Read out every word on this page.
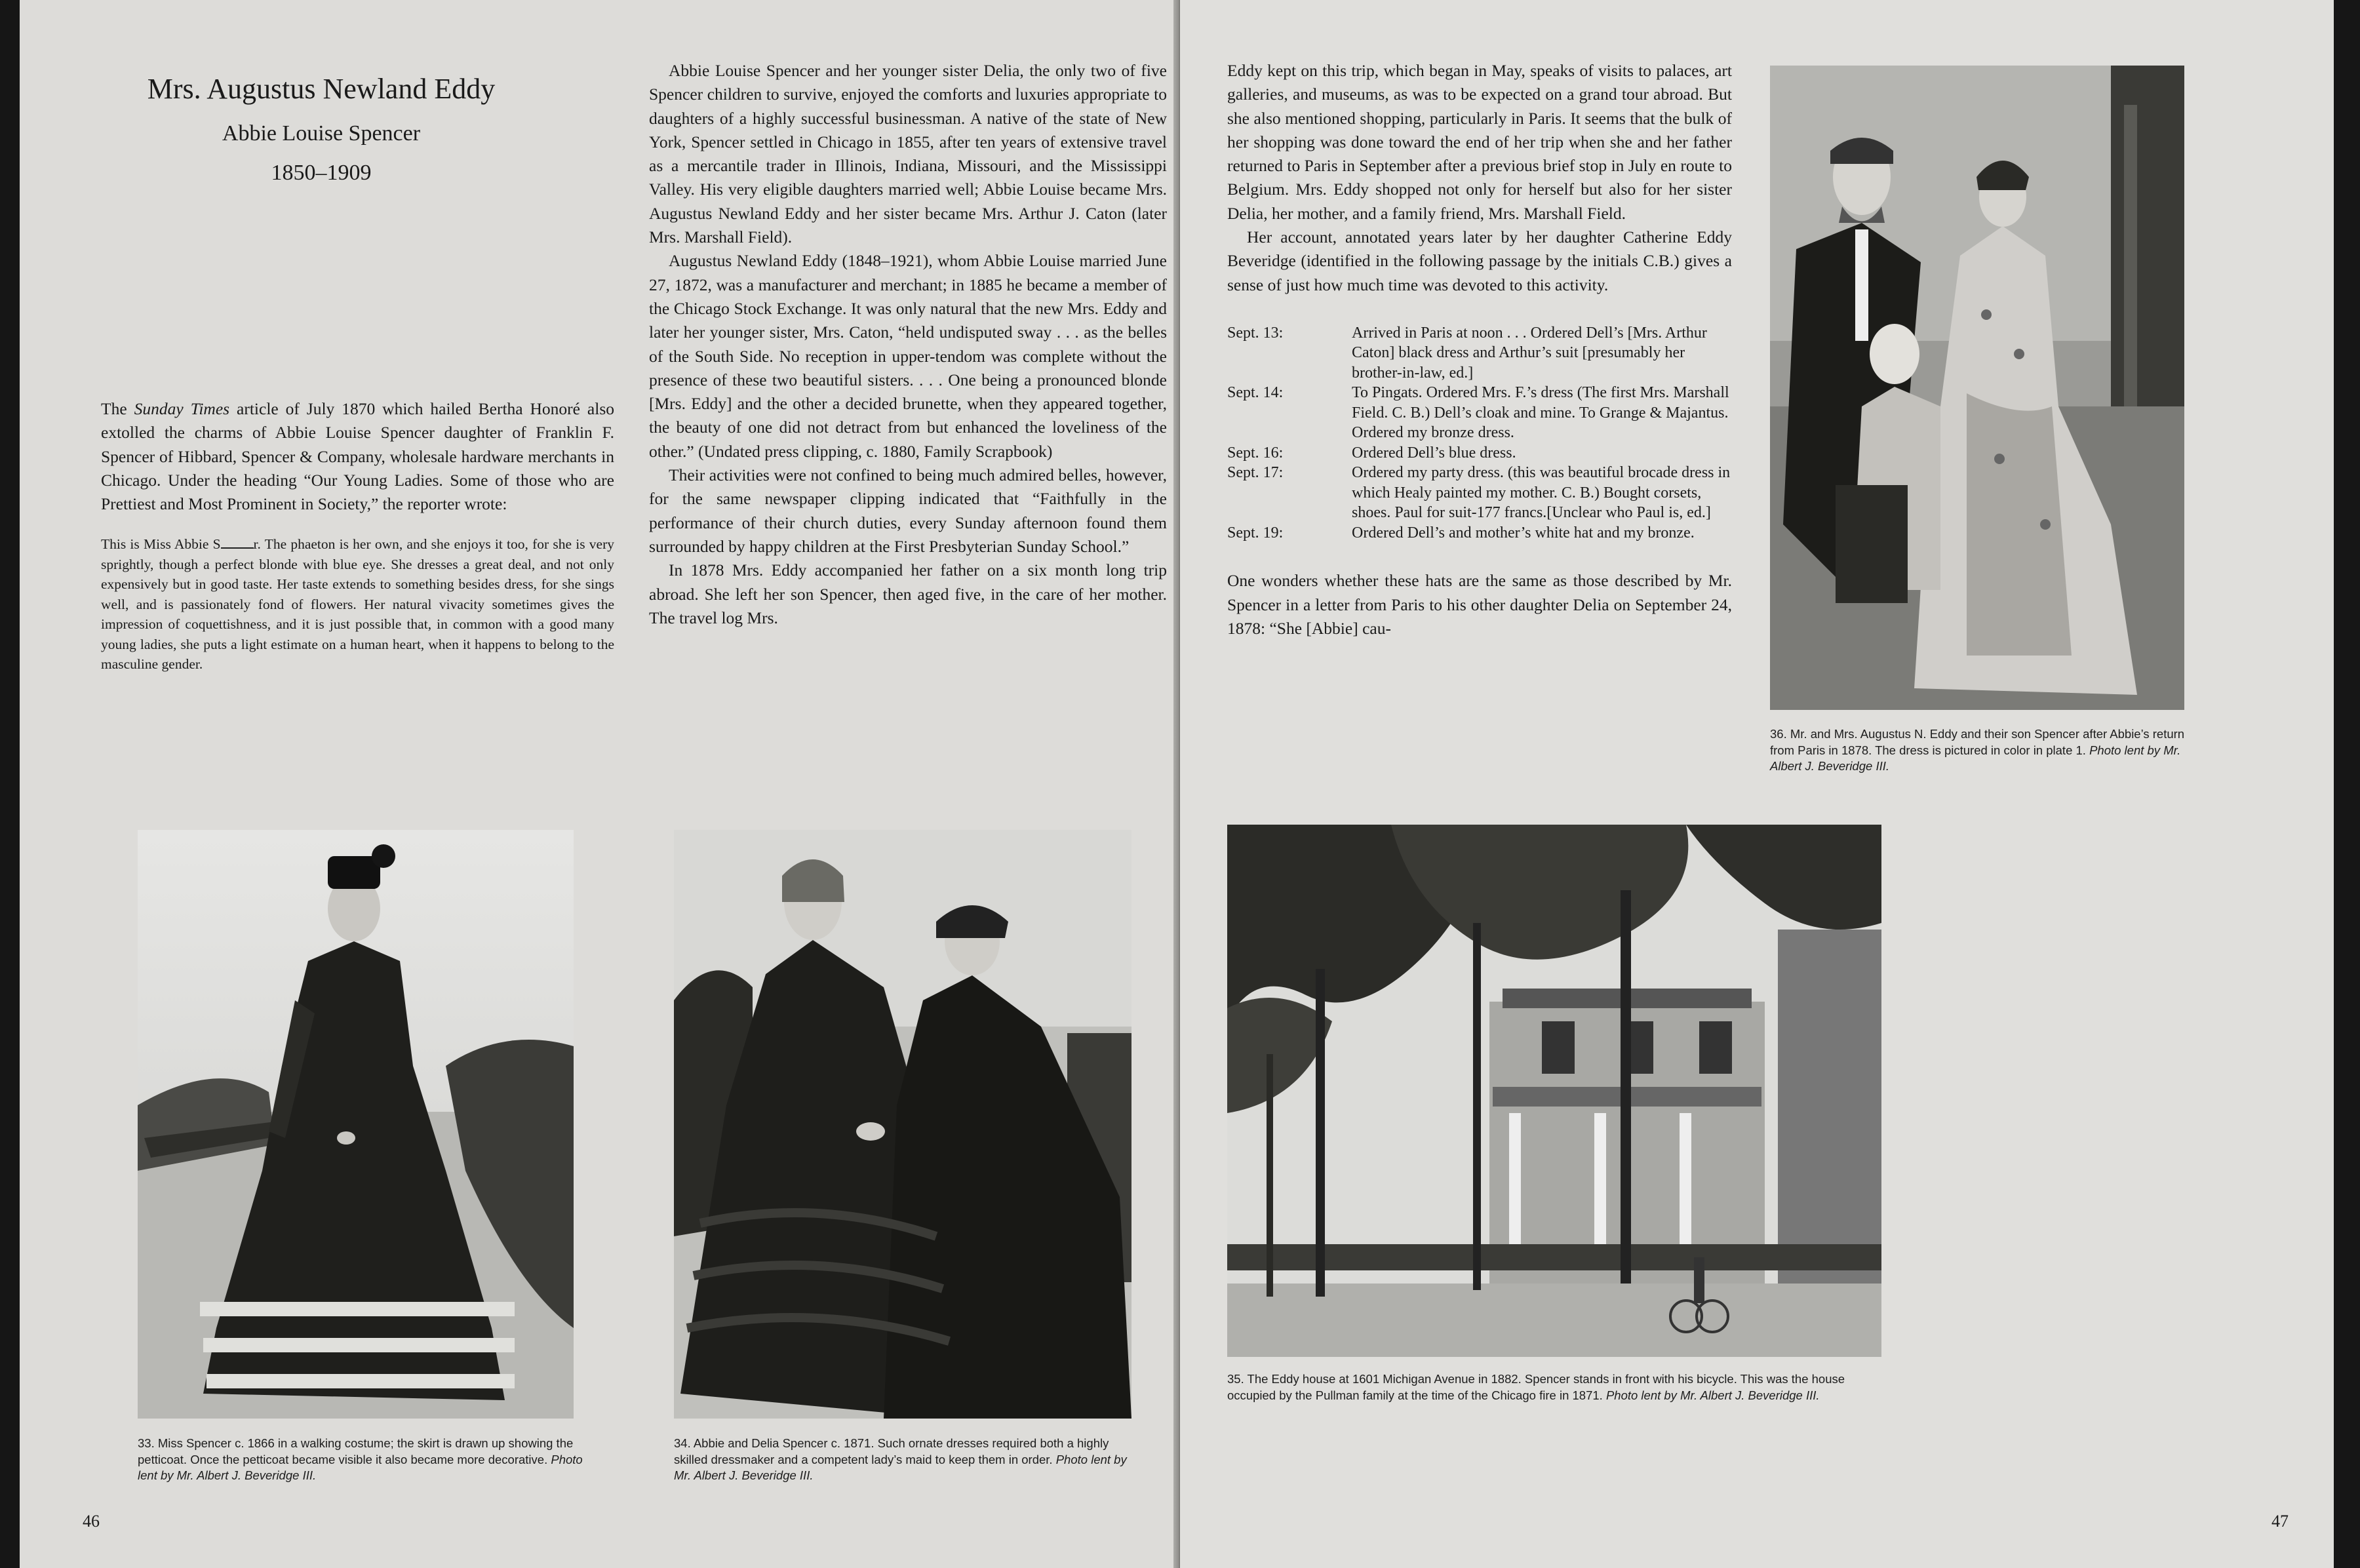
Mrs. Augustus Newland Eddy
Abbie Louise Spencer
1850–1909

The Sunday Times article of July 1870 which hailed Bertha Honoré also extolled the charms of Abbie Louise Spencer daughter of Franklin F. Spencer of Hibbard, Spencer & Company, wholesale hardware merchants in Chicago. Under the heading “Our Young Ladies. Some of those who are Prettiest and Most Prominent in Society,” the reporter wrote:

This is Miss Abbie S r. The phaeton is her own, and she enjoys it too, for she is very sprightly, though a perfect blonde with blue eye. She dresses a great deal, and not only expensively but in good taste. Her taste extends to something besides dress, for she sings well, and is passionately fond of flowers. Her natural vivacity sometimes gives the impression of coquettishness, and it is just possible that, in common with a good many young ladies, she puts a light estimate on a human heart, when it happens to belong to the masculine gender.

Abbie Louise Spencer and her younger sister Delia, the only two of five Spencer children to survive, enjoyed the comforts and luxuries appropriate to daughters of a highly successful businessman. A native of the state of New York, Spencer settled in Chicago in 1855, after ten years of extensive travel as a mercantile trader in Illinois, Indiana, Missouri, and the Mississippi Valley. His very eligible daughters married well; Abbie Louise became Mrs. Augustus Newland Eddy and her sister became Mrs. Arthur J. Caton (later Mrs. Marshall Field).

Augustus Newland Eddy (1848–1921), whom Abbie Louise married June 27, 1872, was a manufacturer and merchant; in 1885 he became a member of the Chicago Stock Exchange. It was only natural that the new Mrs. Eddy and later her younger sister, Mrs. Caton, “held undisputed sway . . . as the belles of the South Side. No reception in upper-tendom was complete without the presence of these two beautiful sisters. . . . One being a pronounced blonde [Mrs. Eddy] and the other a decided brunette, when they appeared together, the beauty of one did not detract from but enhanced the loveliness of the other.” (Undated press clipping, c. 1880, Family Scrapbook)

Their activities were not confined to being much admired belles, however, for the same newspaper clipping indicated that “Faithfully in the performance of their church duties, every Sunday afternoon found them surrounded by happy children at the First Presbyterian Sunday School.”

In 1878 Mrs. Eddy accompanied her father on a six month long trip abroad. She left her son Spencer, then aged five, in the care of her mother. The travel log Mrs.

33. Miss Spencer c. 1866 in a walking costume; the skirt is drawn up showing the petticoat. Once the petticoat became visible it also became more decorative. Photo lent by Mr. Albert J. Beveridge III.
34. Abbie and Delia Spencer c. 1871. Such ornate dresses required both a highly skilled dressmaker and a competent lady’s maid to keep them in order. Photo lent by Mr. Albert J. Beveridge III.
46

Eddy kept on this trip, which began in May, speaks of visits to palaces, art galleries, and museums, as was to be expected on a grand tour abroad. But she also mentioned shopping, particularly in Paris. It seems that the bulk of her shopping was done toward the end of her trip when she and her father returned to Paris in September after a previous brief stop in July en route to Belgium. Mrs. Eddy shopped not only for herself but also for her sister Delia, her mother, and a family friend, Mrs. Marshall Field.

Her account, annotated years later by her daughter Catherine Eddy Beveridge (identified in the following passage by the initials C.B.) gives a sense of just how much time was devoted to this activity.

Sept. 13:	Arrived in Paris at noon . . . Ordered Dell’s [Mrs. Arthur Caton] black dress and Arthur’s suit [presumably her brother-in-law, ed.]
Sept. 14:	To Pingats. Ordered Mrs. F.’s dress (The first Mrs. Marshall Field. C. B.) Dell’s cloak and mine. To Grange & Majantus. Ordered my bronze dress.
Sept. 16:	Ordered Dell’s blue dress.
Sept. 17:	Ordered my party dress. (this was beautiful brocade dress in which Healy painted my mother. C. B.) Bought corsets, shoes. Paul for suit-177 francs.[Unclear who Paul is, ed.]
Sept. 19:	Ordered Dell’s and mother’s white hat and my bronze.

One wonders whether these hats are the same as those described by Mr. Spencer in a letter from Paris to his other daughter Delia on September 24, 1878: “She [Abbie] cau-

36. Mr. and Mrs. Augustus N. Eddy and their son Spencer after Abbie’s return from Paris in 1878. The dress is pictured in color in plate 1. Photo lent by Mr. Albert J. Beveridge III.
35. The Eddy house at 1601 Michigan Avenue in 1882. Spencer stands in front with his bicycle. This was the house occupied by the Pullman family at the time of the Chicago fire in 1871. Photo lent by Mr. Albert J. Beveridge III.
47
